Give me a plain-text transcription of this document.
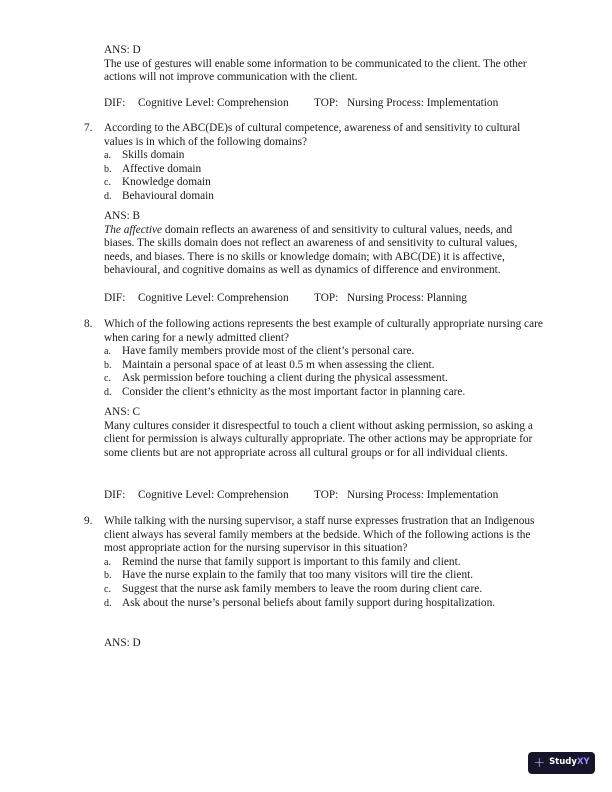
ANS: D

The use of gestures will enable some information to be communicated to the client. The other actions will not improve communication with the client.

DIF: Cognitive Level: Comprehension TOP: Nursing Process: Implementation
7.	According to the ABC(DE)s of cultural competence, awareness of and sensitivity to cultural values is in which of the following domains?
a. Skills domain
b. Affective domain
c. Knowledge domain
d. Behavioural domain

ANS: B

The affective domain reflects an awareness of and sensitivity to cultural values, needs, and biases. The skills domain does not reflect an awareness of and sensitivity to cultural values, needs, and biases. There is no skills or knowledge domain; with ABC(DE) it is affective, behavioural, and cognitive domains as well as dynamics of difference and environment.

DIF: Cognitive Level: Comprehension TOP: Nursing Process: Planning
8.	Which of the following actions represents the best example of culturally appropriate nursing care when caring for a newly admitted client?
a. Have family members provide most of the client’s personal care.
b. Maintain a personal space of at least 0.5 m when assessing the client.
c. Ask permission before touching a client during the physical assessment.
d. Consider the client’s ethnicity as the most important factor in planning care.

ANS: C

Many cultures consider it disrespectful to touch a client without asking permission, so asking a client for permission is always culturally appropriate. The other actions may be appropriate for some clients but are not appropriate across all cultural groups or for all individual clients.

DIF: Cognitive Level: Comprehension TOP: Nursing Process: Implementation
9.	While talking with the nursing supervisor, a staff nurse expresses frustration that an Indigenous client always has several family members at the bedside. Which of the following actions is the most appropriate action for the nursing supervisor in this situation?
a. Remind the nurse that family support is important to this family and client.
b. Have the nurse explain to the family that too many visitors will tire the client.
c. Suggest that the nurse ask family members to leave the room during client care.
d. Ask about the nurse’s personal beliefs about family support during hospitalization.

ANS: D

+ StudyXY
